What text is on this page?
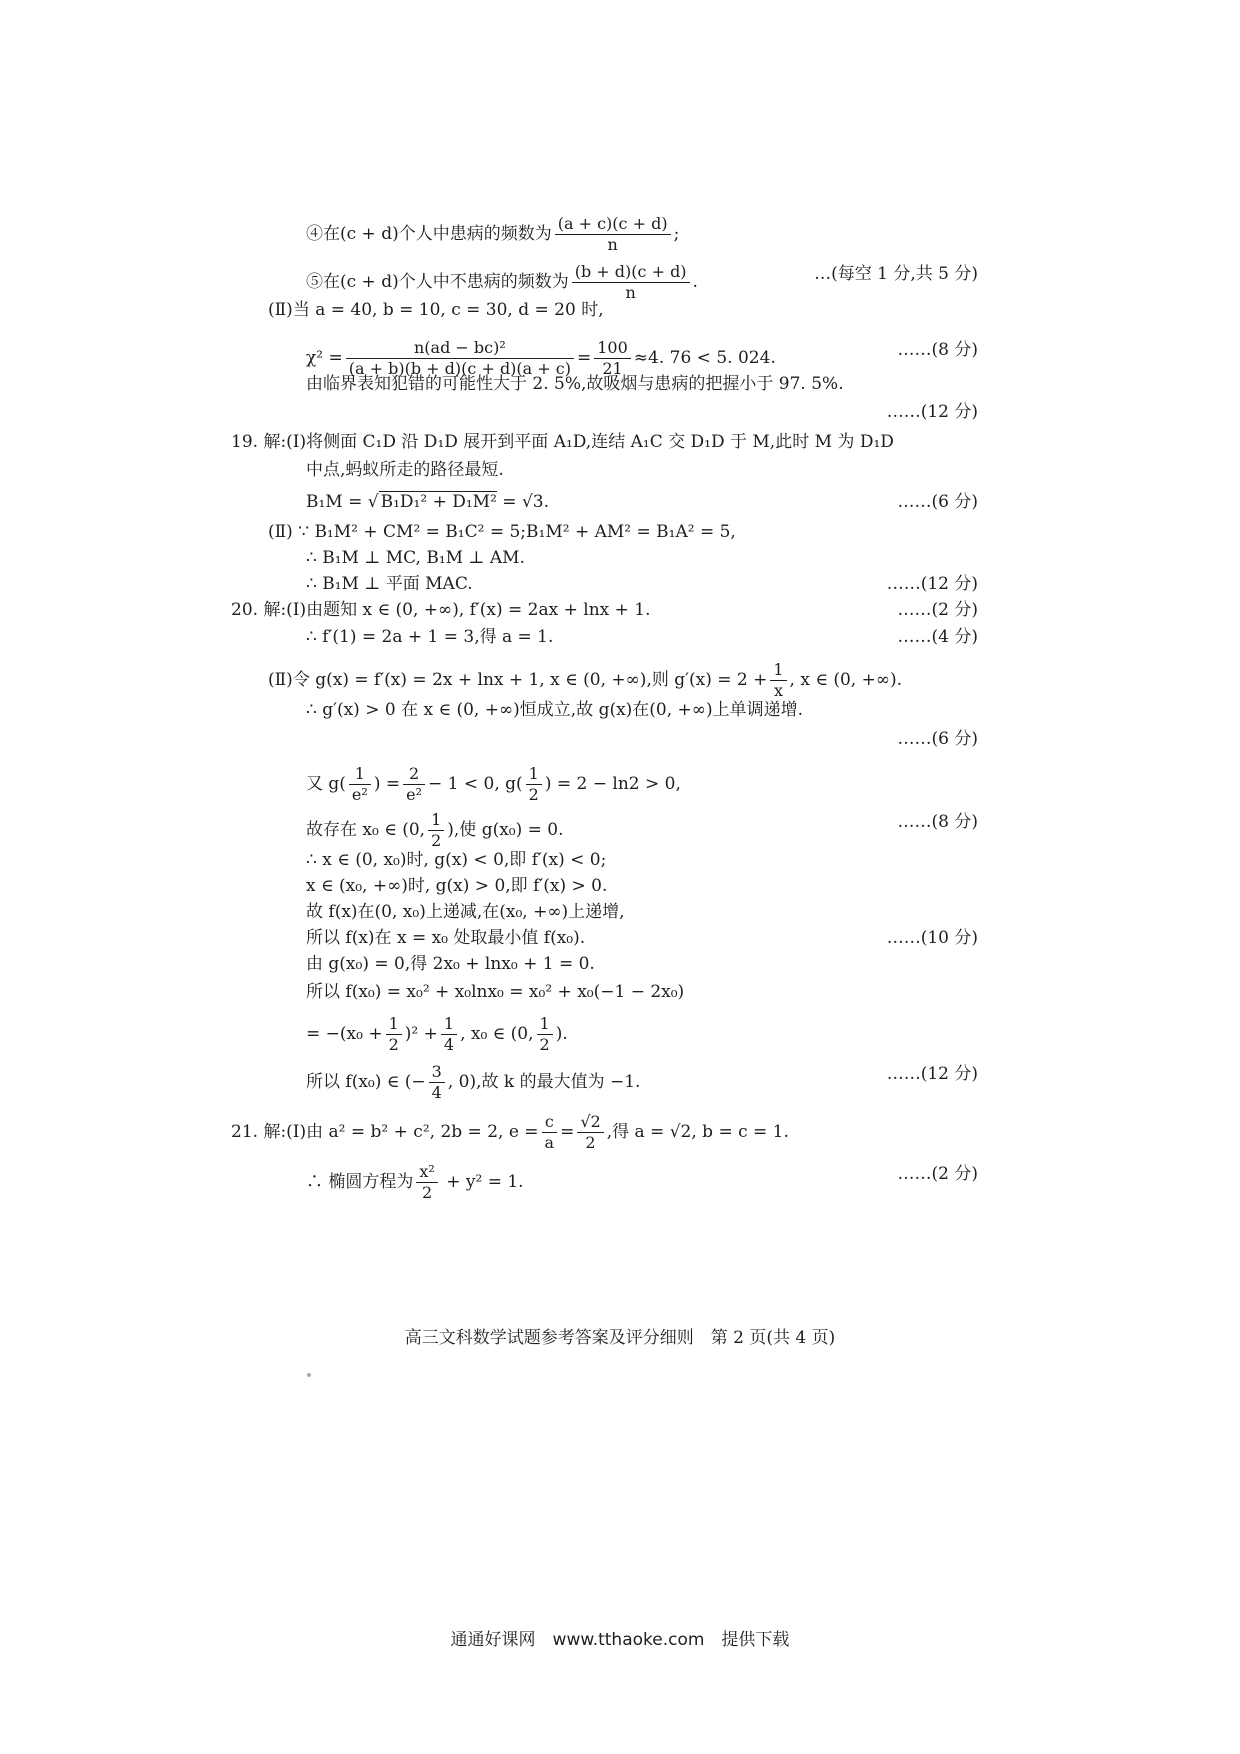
④在(c + d)个人中患病的频数为 $\frac{(a + c)(c + d)}{n}$ ;
⑤在(c + d)个人中不患病的频数为 $\frac{(b + d)(c + d)}{n}$ .	…(每空 1 分,共 5 分)
(Ⅱ)当 a = 40, b = 10, c = 30, d = 20 时,
$\chi^2 = \frac{\text{n(ad − bc)²}}{(a + b)(b + d)(c + d)(a + c)} = \frac{100}{21} \approx 4$. 76 < 5. 024.	……(8 分)
由临界表知犯错的可能性大于 2. 5%,故吸烟与患病的把握小于 97. 5%.
……(12 分)
19. 解:(Ⅰ)将侧面 C₁D 沿 D₁D 展开到平面 A₁D,连结 A₁C 交 D₁D 于 M,此时 M 为 D₁D
中点,蚂蚁所走的路径最短.
B₁M = √ B₁D₁² + D₁M² = √3.	……(6 分)
(Ⅱ) ∵ B₁M² + CM² = B₁C² = 5;B₁M² + AM² = B₁A² = 5,
∴ B₁M ⊥ MC, B₁M ⊥ AM.
∴ B₁M ⊥ 平面 MAC.	……(12 分)
20. 解:(Ⅰ)由题知 x ∈ (0, +∞), f′(x) = 2ax + lnx + 1.	……(2 分)
∴ f′(1) = 2a + 1 = 3,得 a = 1.	……(4 分)
(Ⅱ)令 g(x) = f′(x) = 2x + lnx + 1, x ∈ (0, +∞),则 $g'(x) = 2 + \frac{1}{x}$ , x ∈ (0, +∞).
∴ g′(x) > 0 在 x ∈ (0, +∞)恒成立,故 g(x)在(0, +∞)上单调递增.
……(6 分)
又 $g( \frac{1}{\text{e²}}$ ) = $\frac{2}{\text{e²}} - 1 < 0$, $g( \frac{1}{2}$ ) = 2 − ln2 > 0,
故存在 x₀ ∈ (0, $\frac{1}{2}$ ),使 g(x₀) = 0.	……(8 分)
∴ x ∈ (0, x₀)时, g(x) < 0,即 f′(x) < 0;
x ∈ (x₀, +∞)时, g(x) > 0,即 f′(x) > 0.
故 f(x)在(0, x₀)上递减,在(x₀, +∞)上递增,
所以 f(x)在 x = x₀ 处取最小值 f(x₀).	……(10 分)
由 g(x₀) = 0,得 2x₀ + lnx₀ + 1 = 0.
所以 f(x₀) = x₀² + x₀lnx₀ = x₀² + x₀(−1 − 2x₀)
= $-(x_0 + \frac{1}{2} )^2 + \frac{1}{4}$ , x₀ ∈ (0, $\frac{1}{2}$ ).
所以 f(x₀) ∈ (− $\frac{3}{4}$ , 0),故 k 的最大值为 −1.	……(12 分)
21. 解:(Ⅰ)由 a² = b² + c², 2b = 2, $e = \frac{c}{a} = \frac{√2}{2}$ ,得 a = √2, b = c = 1.
∴ 椭圆方程为 $\frac{\text{x²}}{2} + y^2 = 1$.	……(2 分)
高三文科数学试题参考答案及评分细则　第 2 页(共 4 页)
通通好课网　www.tthaoke.com　提供下载
